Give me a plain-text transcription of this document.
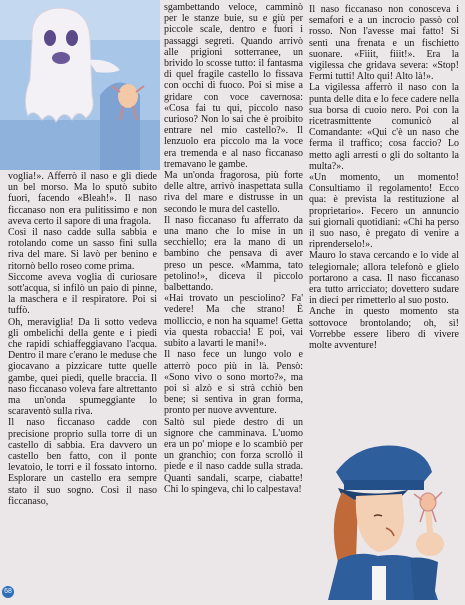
voglia!». Afferrò il naso e gli diede un bel morso. Ma lo sputò subito fuori, facendo «Bleah!». Il naso ficcanaso non era pulitissimo e non aveva certo il sapore di una fragola.

Così il naso cadde sulla sabbia e rotolando come un sasso finì sulla riva del mare. Si lavò per benino e ritornò bello roseo come prima.

Siccome aveva voglia di curiosare sott'acqua, si infilò un paio di pinne, la maschera e il respiratore. Poi si tuffò.

Oh, meraviglia! Da lì sotto vedeva gli ombelichi della gente e i piedi che rapidi schiaffeggiavano l'acqua. Dentro il mare c'erano le meduse che giocavano a pizzicare tutte quelle gambe, quei piedi, quelle braccia. Il naso ficcanaso voleva fare altrettanto ma un'onda spumeggiante lo scaraventò sulla riva.

Il naso ficcanaso cadde con precisione proprio sulla torre di un castello di sabbia. Era davvero un castello ben fatto, con il ponte levatoio, le torri e il fossato intorno. Esplorare un castello era sempre stato il suo sogno. Così il naso ficcanaso,

sgambettando veloce, camminò per le stanze buie, su e giù per piccole scale, dentro e fuori i passaggi segreti. Quando arrivò alle prigioni sotterranee, un brivido lo scosse tutto: il fantasma di quel fragile castello lo fissava con occhi di fuoco. Poi si mise a gridare con voce cavernosa: «Cosa fai tu qui, piccolo naso curioso? Non lo sai che è proibito entrare nel mio castello?». Il lenzuolo era piccolo ma la voce era tremenda e al naso ficcanaso tremavano le gambe.

Ma un'onda fragorosa, più forte delle altre, arrivò inaspettata sulla riva del mare e distrusse in un secondo le mura del castello.

Il naso ficcanaso fu afferrato da una mano che lo mise in un secchiello; era la mano di un bambino che pensava di aver preso un pesce. «Mamma, tato petolino!», diceva il piccolo balbettando.

«Hai trovato un pesciolino? Fa' vedere! Ma che strano! È molliccio, e non ha squame! Getta via questa robaccia! E poi, vai subito a lavarti le mani!».

Il naso fece un lungo volo e atterrò poco più in là. Pensò: «Sono vivo o sono morto?», ma poi si alzò e si strà cchiò ben bene; si sentiva in gran forma, pronto per nuove avventure.

Saltò sul piede destro di un signore che camminava. L'uomo era un po' miope e lo scambiò per un granchio; con forza scrollò il piede e il naso cadde sulla strada. Quanti sandali, scarpe, ciabatte! Chi lo spingeva, chi lo calpestava!

Il naso ficcanaso non conosceva i semafori e a un incrocio passò col rosso. Non l'avesse mai fatto! Si sentì una frenata e un fischietto suonare. «Fiiit, fiiit!». Era la vigilessa che gridava severa: «Stop! Fermi tutti! Alto qui! Alto là!».

La vigilessa afferrò il naso con la punta delle dita e lo fece cadere nella sua borsa di cuoio nero. Poi con la ricetrasmittente comunicò al Comandante: «Qui c'è un naso che ferma il traffico; cosa faccio? Lo metto agli arresti o gli do soltanto la multa?».

«Un momento, un momento! Consultiamo il regolamento! Ecco qua: è prevista la restituzione al proprietario». Fecero un annuncio sui giornali quotidiani: «Chi ha perso il suo naso, è pregato di venire a riprenderselo!».

Mauro lo stava cercando e lo vide al telegiornale; allora telefonò e glielo portarono a casa. Il naso ficcanaso era tutto arricciato; dovettero sudare in dieci per rimetterlo al suo posto.

Anche in questo momento sta sottovoce brontolando; oh, sì! Vorrebbe essere libero di vivere molte avventure!

68
